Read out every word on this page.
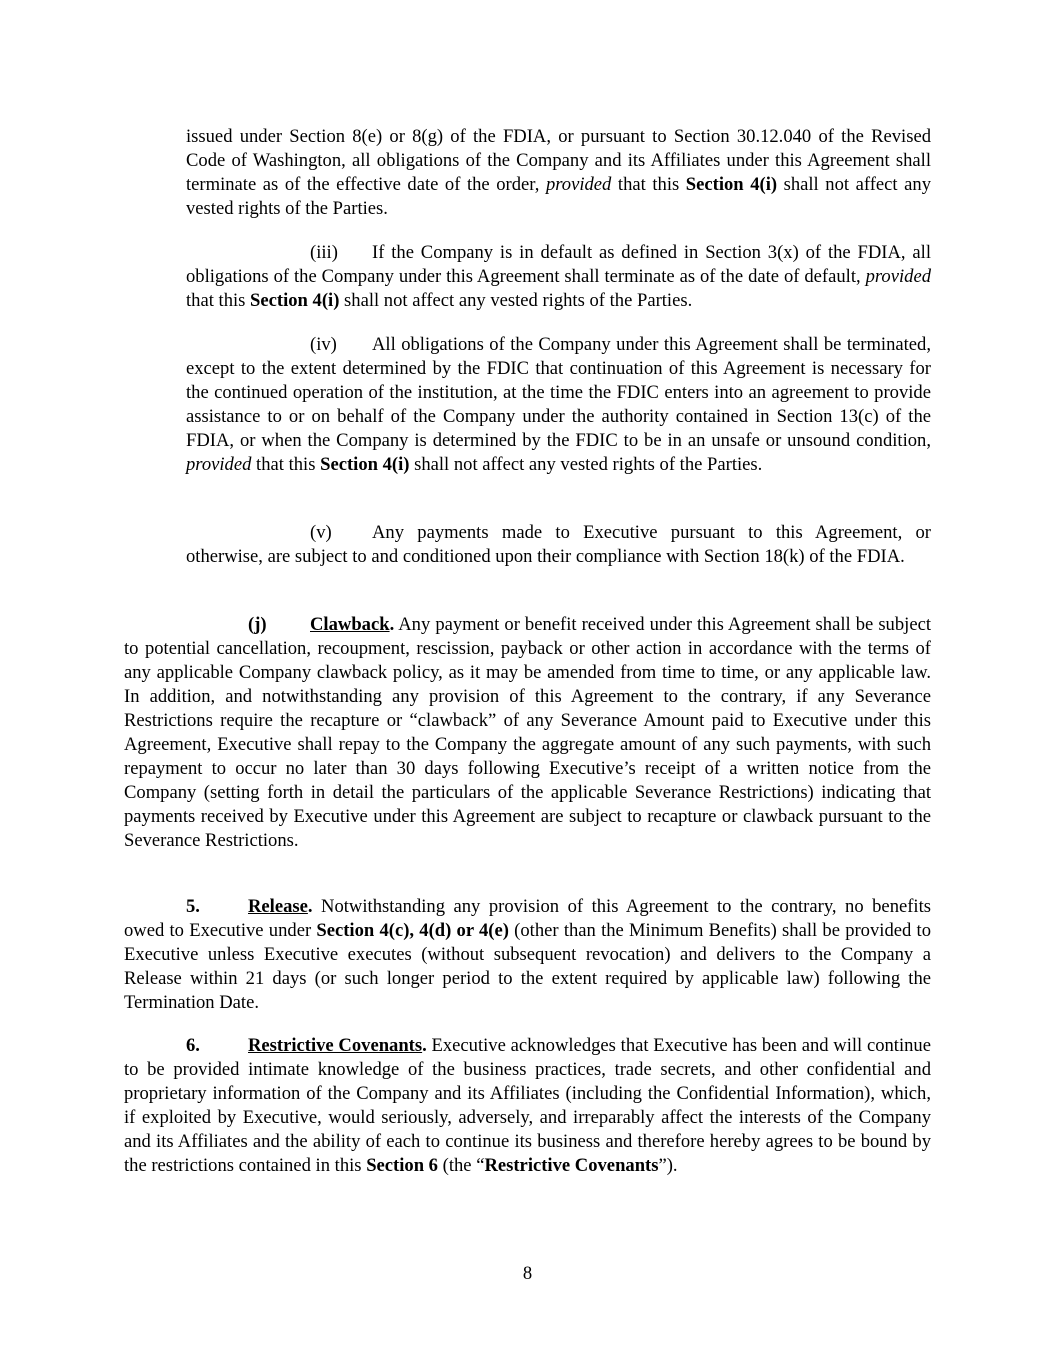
issued under Section 8(e) or 8(g) of the FDIA, or pursuant to Section 30.12.040 of the Revised Code of Washington, all obligations of the Company and its Affiliates under this Agreement shall terminate as of the effective date of the order, provided that this Section 4(i) shall not affect any vested rights of the Parties.

(iii) If the Company is in default as defined in Section 3(x) of the FDIA, all obligations of the Company under this Agreement shall terminate as of the date of default, provided that this Section 4(i) shall not affect any vested rights of the Parties.

(iv) All obligations of the Company under this Agreement shall be terminated, except to the extent determined by the FDIC that continuation of this Agreement is necessary for the continued operation of the institution, at the time the FDIC enters into an agreement to provide assistance to or on behalf of the Company under the authority contained in Section 13(c) of the FDIA, or when the Company is determined by the FDIC to be in an unsafe or unsound condition, provided that this Section 4(i) shall not affect any vested rights of the Parties.

(v) Any payments made to Executive pursuant to this Agreement, or otherwise, are subject to and conditioned upon their compliance with Section 18(k) of the FDIA.

(j) Clawback. Any payment or benefit received under this Agreement shall be subject to potential cancellation, recoupment, rescission, payback or other action in accordance with the terms of any applicable Company clawback policy, as it may be amended from time to time, or any applicable law. In addition, and notwithstanding any provision of this Agreement to the contrary, if any Severance Restrictions require the recapture or “clawback” of any Severance Amount paid to Executive under this Agreement, Executive shall repay to the Company the aggregate amount of any such payments, with such repayment to occur no later than 30 days following Executive’s receipt of a written notice from the Company (setting forth in detail the particulars of the applicable Severance Restrictions) indicating that payments received by Executive under this Agreement are subject to recapture or clawback pursuant to the Severance Restrictions.

5.	Release. Notwithstanding any provision of this Agreement to the contrary, no benefits owed to Executive under Section 4(c), 4(d) or 4(e) (other than the Minimum Benefits) shall be provided to Executive unless Executive executes (without subsequent revocation) and delivers to the Company a Release within 21 days (or such longer period to the extent required by applicable law) following the Termination Date.

6.	Restrictive Covenants. Executive acknowledges that Executive has been and will continue to be provided intimate knowledge of the business practices, trade secrets, and other confidential and proprietary information of the Company and its Affiliates (including the Confidential Information), which, if exploited by Executive, would seriously, adversely, and irreparably affect the interests of the Company and its Affiliates and the ability of each to continue its business and therefore hereby agrees to be bound by the restrictions contained in this Section 6 (the “Restrictive Covenants”).

8
